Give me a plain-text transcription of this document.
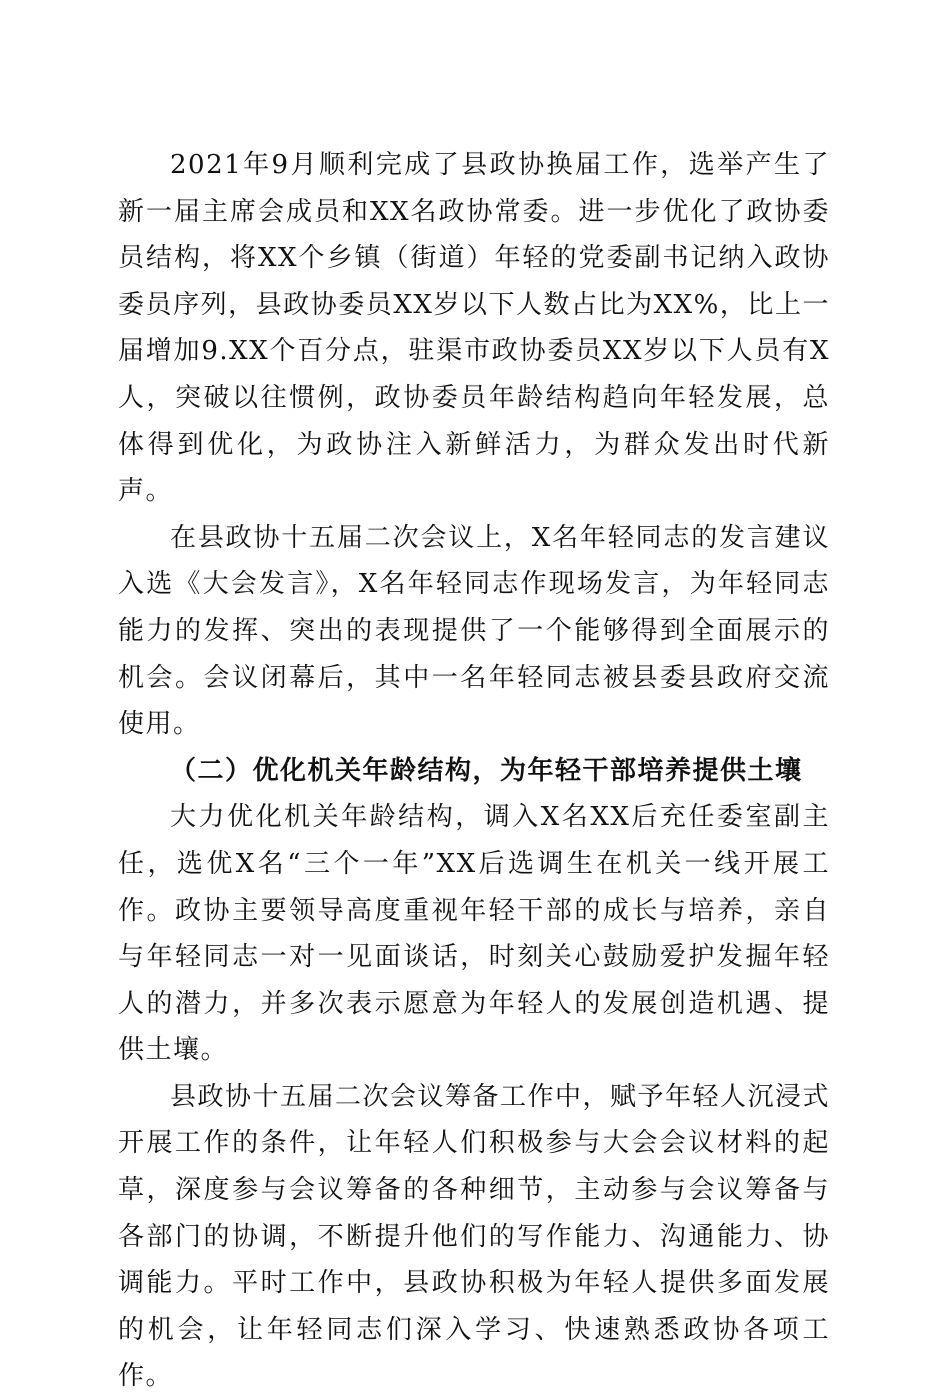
2021年9月顺利完成了县政协换届工作，选举产生了新一届主席会成员和XX名政协常委。进一步优化了政协委员结构，将XX个乡镇（街道）年轻的党委副书记纳入政协委员序列，县政协委员XX岁以下人数占比为XX%，比上一届增加9.XX个百分点，驻渠市政协委员XX岁以下人员有X人，突破以往惯例，政协委员年龄结构趋向年轻发展，总体得到优化，为政协注入新鲜活力，为群众发出时代新声。

在县政协十五届二次会议上，X名年轻同志的发言建议入选《大会发言》，X名年轻同志作现场发言，为年轻同志能力的发挥、突出的表现提供了一个能够得到全面展示的机会。会议闭幕后，其中一名年轻同志被县委县政府交流使用。

（二）优化机关年龄结构，为年轻干部培养提供土壤

大力优化机关年龄结构，调入X名XX后充任委室副主任，选优X名“三个一年”XX后选调生在机关一线开展工作。政协主要领导高度重视年轻干部的成长与培养，亲自与年轻同志一对一见面谈话，时刻关心鼓励爱护发掘年轻人的潜力，并多次表示愿意为年轻人的发展创造机遇、提供土壤。

县政协十五届二次会议筹备工作中，赋予年轻人沉浸式开展工作的条件，让年轻人们积极参与大会会议材料的起草，深度参与会议筹备的各种细节，主动参与会议筹备与各部门的协调，不断提升他们的写作能力、沟通能力、协调能力。平时工作中，县政协积极为年轻人提供多面发展的机会，让年轻同志们深入学习、快速熟悉政协各项工作。
